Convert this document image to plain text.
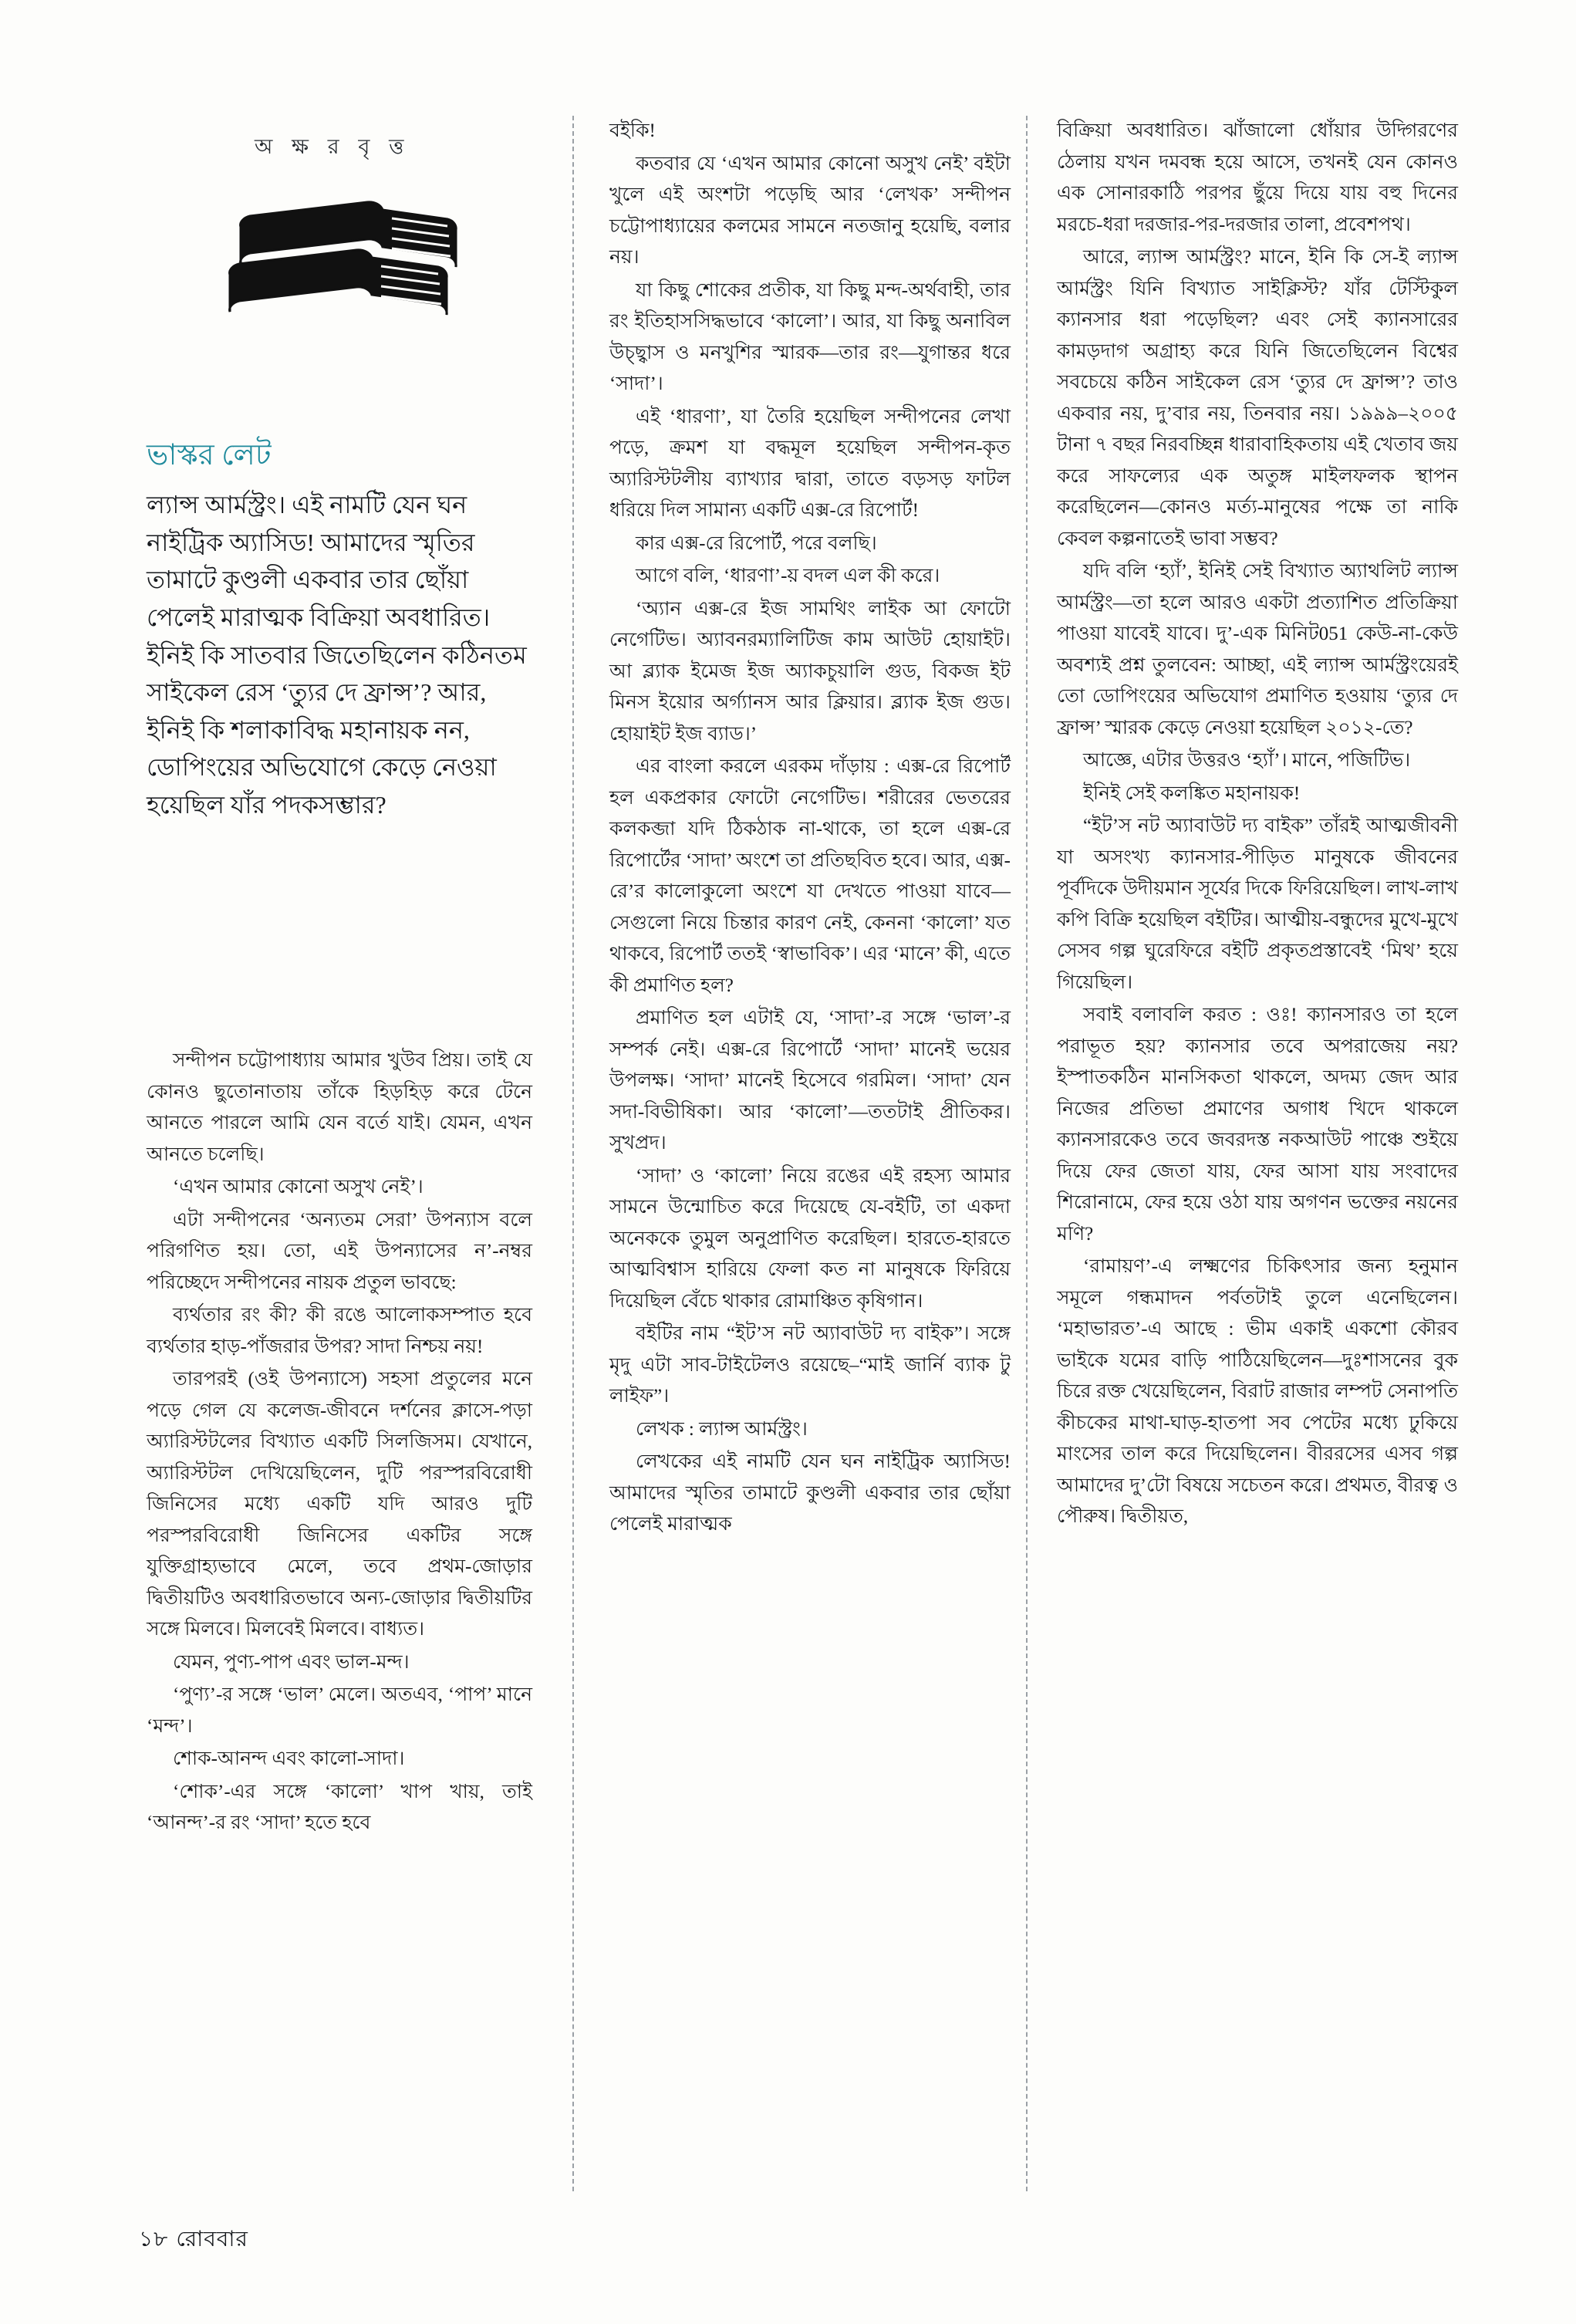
অ ক্ষ র বৃ ত্ত
ভাস্কর লেট
ল্যান্স আর্মস্ট্রং। এই নামটি যেন ঘন নাইট্রিক অ্যাসিড! আমাদের স্মৃতির তামাটে কুণ্ডলী একবার তার ছোঁয়া পেলেই মারাত্মক বিক্রিয়া অবধারিত। ইনিই কি সাতবার জিতেছিলেন কঠিনতম সাইকেল রেস ‘ত্যুর দে ফ্রান্স’? আর, ইনিই কি শলাকাবিদ্ধ মহানায়ক নন, ডোপিংয়ের অভিযোগে কেড়ে নেওয়া হয়েছিল যাঁর পদকসম্ভার?

সন্দীপন চট্টোপাধ্যায় আমার খুউব প্রিয়। তাই যে কোনও ছুতোনাতায় তাঁকে হিড়হিড় করে টেনে আনতে পারলে আমি যেন বর্তে যাই। যেমন, এখন আনতে চলেছি।

‘এখন আমার কোনো অসুখ নেই’।

এটা সন্দীপনের ‘অন্যতম সেরা’ উপন্যাস বলে পরিগণিত হয়। তো, এই উপন্যাসের ন’-নম্বর পরিচ্ছেদে সন্দীপনের নায়ক প্রতুল ভাবছে:

ব্যর্থতার রং কী? কী রঙে আলোকসম্পাত হবে ব্যর্থতার হাড়-পাঁজরার উপর? সাদা নিশ্চয় নয়!

তারপরই (ওই উপন্যাসে) সহসা প্রতুলের মনে পড়ে গেল যে কলেজ-জীবনে দর্শনের ক্লাসে-পড়া অ্যারিস্টটলের বিখ্যাত একটি সিলজিসম। যেখানে, অ্যারিস্টটল দেখিয়েছিলেন, দুটি পরস্পরবিরোধী জিনিসের মধ্যে একটি যদি আরও দুটি পরস্পরবিরোধী জিনিসের একটির সঙ্গে যুক্তিগ্রাহ্যভাবে মেলে, তবে প্রথম-জোড়ার দ্বিতীয়টিও অবধারিতভাবে অন্য-জোড়ার দ্বিতীয়টির সঙ্গে মিলবে। মিলবেই মিলবে। বাধ্যত।

যেমন, পুণ্য-পাপ এবং ভাল-মন্দ।

‘পুণ্য’-র সঙ্গে ‘ভাল’ মেলে। অতএব, ‘পাপ’ মানে ‘মন্দ’।

শোক-আনন্দ এবং কালো-সাদা।

‘শোক’-এর সঙ্গে ‘কালো’ খাপ খায়, তাই ‘আনন্দ’-র রং ‘সাদা’ হতে হবে

বইকি!

কতবার যে ‘এখন আমার কোনো অসুখ নেই’ বইটা খুলে এই অংশটা পড়েছি আর ‘লেখক’ সন্দীপন চট্টোপাধ্যায়ের কলমের সামনে নতজানু হয়েছি, বলার নয়।

যা কিছু শোকের প্রতীক, যা কিছু মন্দ-অর্থবাহী, তার রং ইতিহাসসিদ্ধভাবে ‘কালো’। আর, যা কিছু অনাবিল উচ্ছ্বাস ও মনখুশির স্মারক—তার রং—যুগান্তর ধরে ‘সাদা’।

এই ‘ধারণা’, যা তৈরি হয়েছিল সন্দীপনের লেখা পড়ে, ক্রমশ যা বদ্ধমূল হয়েছিল সন্দীপন-কৃত অ্যারিস্টটলীয় ব্যাখ্যার দ্বারা, তাতে বড়সড় ফাটল ধরিয়ে দিল সামান্য একটি এক্স-রে রিপোর্ট!

কার এক্স-রে রিপোর্ট, পরে বলছি।

আগে বলি, ‘ধারণা’-য় বদল এল কী করে।

‘অ্যান এক্স-রে ইজ সামথিং লাইক আ ফোটো নেগেটিভ। অ্যাবনরম্যালিটিজ কাম আউট হোয়াইট। আ ব্ল্যাক ইমেজ ইজ অ্যাকচুয়ালি গুড, বিকজ ইট মিনস ইয়োর অর্গ্যানস আর ক্লিয়ার। ব্ল্যাক ইজ গুড। হোয়াইট ইজ ব্যাড।’

এর বাংলা করলে এরকম দাঁড়ায় : এক্স-রে রিপোর্ট হল একপ্রকার ফোটো নেগেটিভ। শরীরের ভেতরের কলকব্জা যদি ঠিকঠাক না-থাকে, তা হলে এক্স-রে রিপোর্টের ‘সাদা’ অংশে তা প্রতিছবিত হবে। আর, এক্স-রে’র কালোকুলো অংশে যা দেখতে পাওয়া যাবে—সেগুলো নিয়ে চিন্তার কারণ নেই, কেননা ‘কালো’ যত থাকবে, রিপোর্ট ততই ‘স্বাভাবিক’। এর ‘মানে’ কী, এতে কী প্রমাণিত হল?

প্রমাণিত হল এটাই যে, ‘সাদা’-র সঙ্গে ‘ভাল’-র সম্পর্ক নেই। এক্স-রে রিপোর্টে ‘সাদা’ মানেই ভয়ের উপলক্ষ। ‘সাদা’ মানেই হিসেবে গরমিল। ‘সাদা’ যেন সদা-বিভীষিকা। আর ‘কালো’—ততটাই প্রীতিকর। সুখপ্রদ।

‘সাদা’ ও ‘কালো’ নিয়ে রঙের এই রহস্য আমার সামনে উন্মোচিত করে দিয়েছে যে-বইটি, তা একদা অনেককে তুমুল অনুপ্রাণিত করেছিল। হারতে-হারতে আত্মবিশ্বাস হারিয়ে ফেলা কত না মানুষকে ফিরিয়ে দিয়েছিল বেঁচে থাকার রোমাঞ্চিত কৃষিগান।

বইটির নাম “ইট’স নট অ্যাবাউট দ্য বাইক”। সঙ্গে মৃদু এটা সাব-টাইটেলও রয়েছে–“মাই জার্নি ব্যাক টু লাইফ”।

লেখক : ল্যান্স আর্মস্ট্রং।

লেখকের এই নামটি যেন ঘন নাইট্রিক অ্যাসিড! আমাদের স্মৃতির তামাটে কুণ্ডলী একবার তার ছোঁয়া পেলেই মারাত্মক

বিক্রিয়া অবধারিত। ঝাঁজালো ধোঁয়ার উদ্গিরণের ঠেলায় যখন দমবন্ধ হয়ে আসে, তখনই যেন কোনও এক সোনারকাঠি পরপর ছুঁয়ে দিয়ে যায় বহু দিনের মরচে-ধরা দরজার-পর-দরজার তালা, প্রবেশপথ।

আরে, ল্যান্স আর্মস্ট্রং? মানে, ইনি কি সে-ই ল্যান্স আর্মস্ট্রং যিনি বিখ্যাত সাইক্লিস্ট? যাঁর টেস্টিকুল ক্যানসার ধরা পড়েছিল? এবং সেই ক্যানসারের কামড়দাগ অগ্রাহ্য করে যিনি জিতেছিলেন বিশ্বের সবচেয়ে কঠিন সাইকেল রেস ‘ত্যুর দে ফ্রান্স’? তাও একবার নয়, দু’বার নয়, তিনবার নয়। ১৯৯৯–২০০৫ টানা ৭ বছর নিরবচ্ছিন্ন ধারাবাহিকতায় এই খেতাব জয় করে সাফল্যের এক অতুঙ্গ মাইলফলক স্থাপন করেছিলেন—কোনও মর্ত্য-মানুষের পক্ষে তা নাকি কেবল কল্পনাতেই ভাবা সম্ভব?

যদি বলি ‘হ্যাঁ’, ইনিই সেই বিখ্যাত অ্যাথলিট ল্যান্স আর্মস্ট্রং—তা হলে আরও একটা প্রত্যাশিত প্রতিক্রিয়া পাওয়া যাবেই যাবে। দু’-এক মিনিট051 কেউ-না-কেউ অবশ্যই প্রশ্ন তুলবেন: আচ্ছা, এই ল্যান্স আর্মস্ট্রংয়েরই তো ডোপিংয়ের অভিযোগ প্রমাণিত হওয়ায় ‘ত্যুর দে ফ্রান্স’ স্মারক কেড়ে নেওয়া হয়েছিল ২০১২-তে?

আজ্ঞে, এটার উত্তরও ‘হ্যাঁ’। মানে, পজিটিভ।

ইনিই সেই কলঙ্কিত মহানায়ক!

“ইট’স নট অ্যাবাউট দ্য বাইক” তাঁরই আত্মজীবনী যা অসংখ্য ক্যানসার-পীড়িত মানুষকে জীবনের পূর্বদিকে উদীয়মান সূর্যের দিকে ফিরিয়েছিল। লাখ-লাখ কপি বিক্রি হয়েছিল বইটির। আত্মীয়-বন্ধুদের মুখে-মুখে সেসব গল্প ঘুরেফিরে বইটি প্রকৃতপ্রস্তাবেই ‘মিথ’ হয়ে গিয়েছিল।

সবাই বলাবলি করত : ওঃ! ক্যানসারও তা হলে পরাভূত হয়? ক্যানসার তবে অপরাজেয় নয়? ইস্পাতকঠিন মানসিকতা থাকলে, অদম্য জেদ আর নিজের প্রতিভা প্রমাণের অগাধ খিদে থাকলে ক্যানসারকেও তবে জবরদস্ত নকআউট পাঞ্চে শুইয়ে দিয়ে ফের জেতা যায়, ফের আসা যায় সংবাদের শিরোনামে, ফের হয়ে ওঠা যায় অগণন ভক্তের নয়নের মণি?

‘রামায়ণ’-এ লক্ষ্মণের চিকিৎসার জন্য হনুমান সমূলে গন্ধমাদন পর্বতটাই তুলে এনেছিলেন। ‘মহাভারত’-এ আছে : ভীম একাই একশো কৌরব ভাইকে যমের বাড়ি পাঠিয়েছিলেন—দুঃশাসনের বুক চিরে রক্ত খেয়েছিলেন, বিরাট রাজার লম্পট সেনাপতি কীচকের মাথা-ঘাড়-হাতপা সব পেটের মধ্যে ঢুকিয়ে মাংসের তাল করে দিয়েছিলেন। বীররসের এসব গল্প আমাদের দু’টো বিষয়ে সচেতন করে। প্রথমত, বীরত্ব ও পৌরুষ। দ্বিতীয়ত,

১৮ রোববার
